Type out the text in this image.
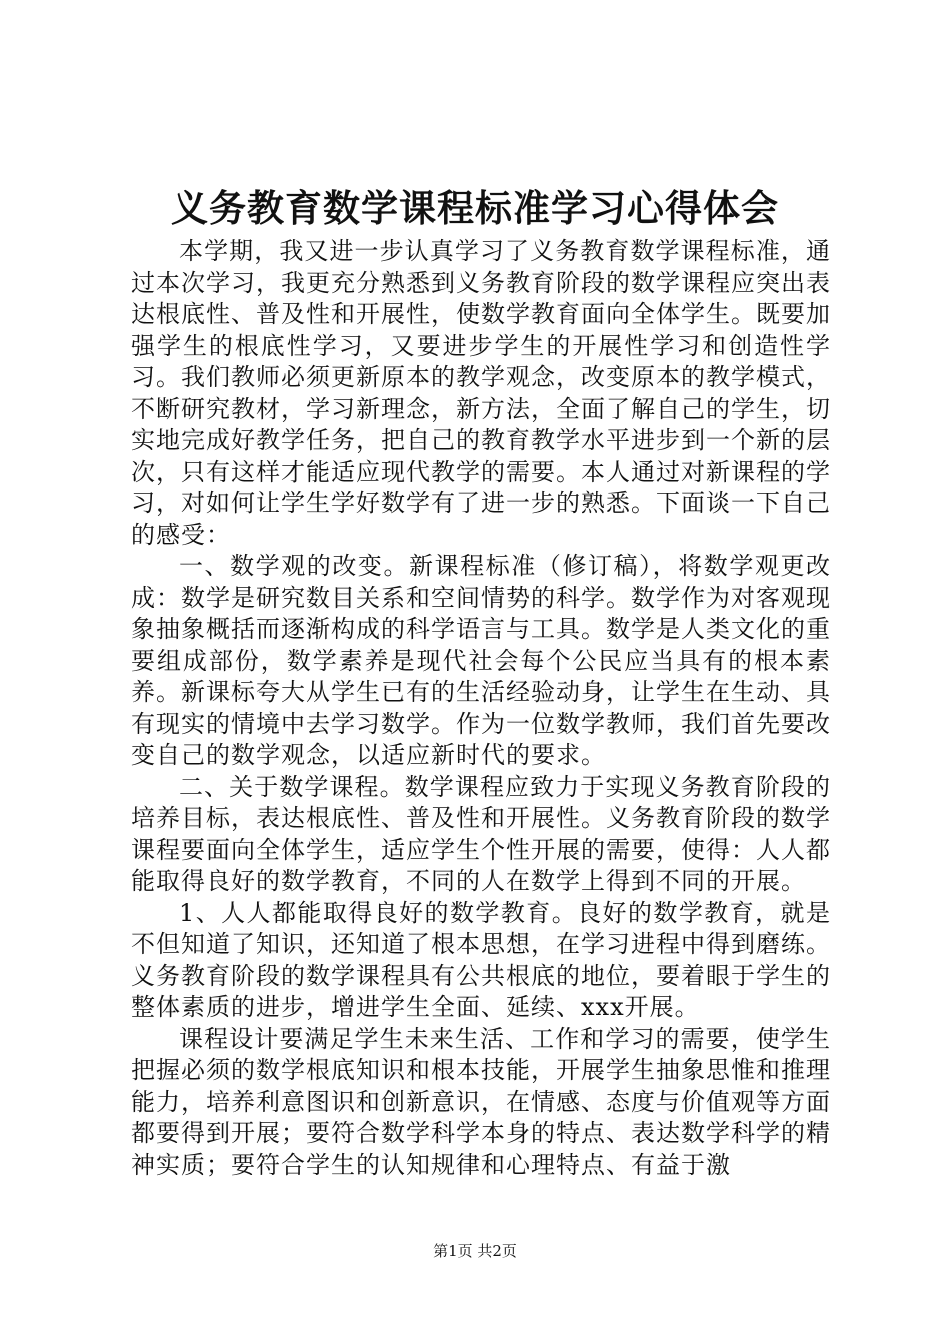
义务教育数学课程标准学习心得体会

本学期，我又进一步认真学习了义务教育数学课程标准，通过本次学习，我更充分熟悉到义务教育阶段的数学课程应突出表达根底性、普及性和开展性，使数学教育面向全体学生。既要加强学生的根底性学习，又要进步学生的开展性学习和创造性学习。我们教师必须更新原本的教学观念，改变原本的教学模式，不断研究教材，学习新理念，新方法，全面了解自己的学生，切实地完成好教学任务，把自己的教育教学水平进步到一个新的层次，只有这样才能适应现代教学的需要。本人通过对新课程的学习，对如何让学生学好数学有了进一步的熟悉。下面谈一下自己的感受：

一、数学观的改变。新课程标准（修订稿），将数学观更改成：数学是研究数目关系和空间情势的科学。数学作为对客观现象抽象概括而逐渐构成的科学语言与工具。数学是人类文化的重要组成部份，数学素养是现代社会每个公民应当具有的根本素养。新课标夸大从学生已有的生活经验动身，让学生在生动、具有现实的情境中去学习数学。作为一位数学教师，我们首先要改变自己的数学观念，以适应新时代的要求。

二、关于数学课程。数学课程应致力于实现义务教育阶段的培养目标，表达根底性、普及性和开展性。义务教育阶段的数学课程要面向全体学生，适应学生个性开展的需要，使得：人人都能取得良好的数学教育，不同的人在数学上得到不同的开展。

1、人人都能取得良好的数学教育。良好的数学教育，就是不但知道了知识，还知道了根本思想，在学习进程中得到磨练。义务教育阶段的数学课程具有公共根底的地位，要着眼于学生的整体素质的进步，增进学生全面、延续、xxx开展。

课程设计要满足学生未来生活、工作和学习的需要，使学生把握必须的数学根底知识和根本技能，开展学生抽象思惟和推理能力，培养利意图识和创新意识，在情感、态度与价值观等方面都要得到开展；要符合数学科学本身的特点、表达数学科学的精神实质；要符合学生的认知规律和心理特点、有益于激

第1页 共2页
